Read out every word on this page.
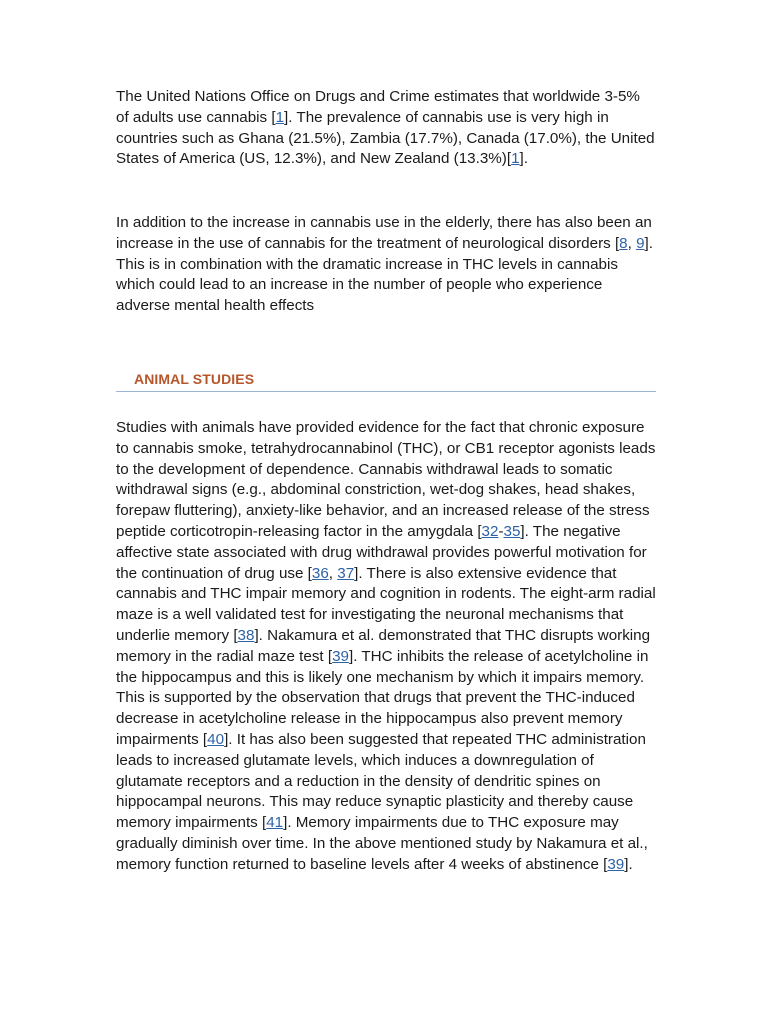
The United Nations Office on Drugs and Crime estimates that worldwide 3-5% of adults use cannabis [1]. The prevalence of cannabis use is very high in countries such as Ghana (21.5%), Zambia (17.7%), Canada (17.0%), the United States of America (US, 12.3%), and New Zealand (13.3%)[1].

In addition to the increase in cannabis use in the elderly, there has also been an increase in the use of cannabis for the treatment of neurological disorders [8, 9]. This is in combination with the dramatic increase in THC levels in cannabis which could lead to an increase in the number of people who experience adverse mental health effects

ANIMAL STUDIES

Studies with animals have provided evidence for the fact that chronic exposure to cannabis smoke, tetrahydrocannabinol (THC), or CB1 receptor agonists leads to the development of dependence. Cannabis withdrawal leads to somatic withdrawal signs (e.g., abdominal constriction, wet-dog shakes, head shakes, forepaw fluttering), anxiety-like behavior, and an increased release of the stress peptide corticotropin-releasing factor in the amygdala [32-35]. The negative affective state associated with drug withdrawal provides powerful motivation for the continuation of drug use [36, 37]. There is also extensive evidence that cannabis and THC impair memory and cognition in rodents. The eight-arm radial maze is a well validated test for investigating the neuronal mechanisms that underlie memory [38]. Nakamura et al. demonstrated that THC disrupts working memory in the radial maze test [39]. THC inhibits the release of acetylcholine in the hippocampus and this is likely one mechanism by which it impairs memory. This is supported by the observation that drugs that prevent the THC-induced decrease in acetylcholine release in the hippocampus also prevent memory impairments [40]. It has also been suggested that repeated THC administration leads to increased glutamate levels, which induces a downregulation of glutamate receptors and a reduction in the density of dendritic spines on hippocampal neurons. This may reduce synaptic plasticity and thereby cause memory impairments [41]. Memory impairments due to THC exposure may gradually diminish over time. In the above mentioned study by Nakamura et al., memory function returned to baseline levels after 4 weeks of abstinence [39].
